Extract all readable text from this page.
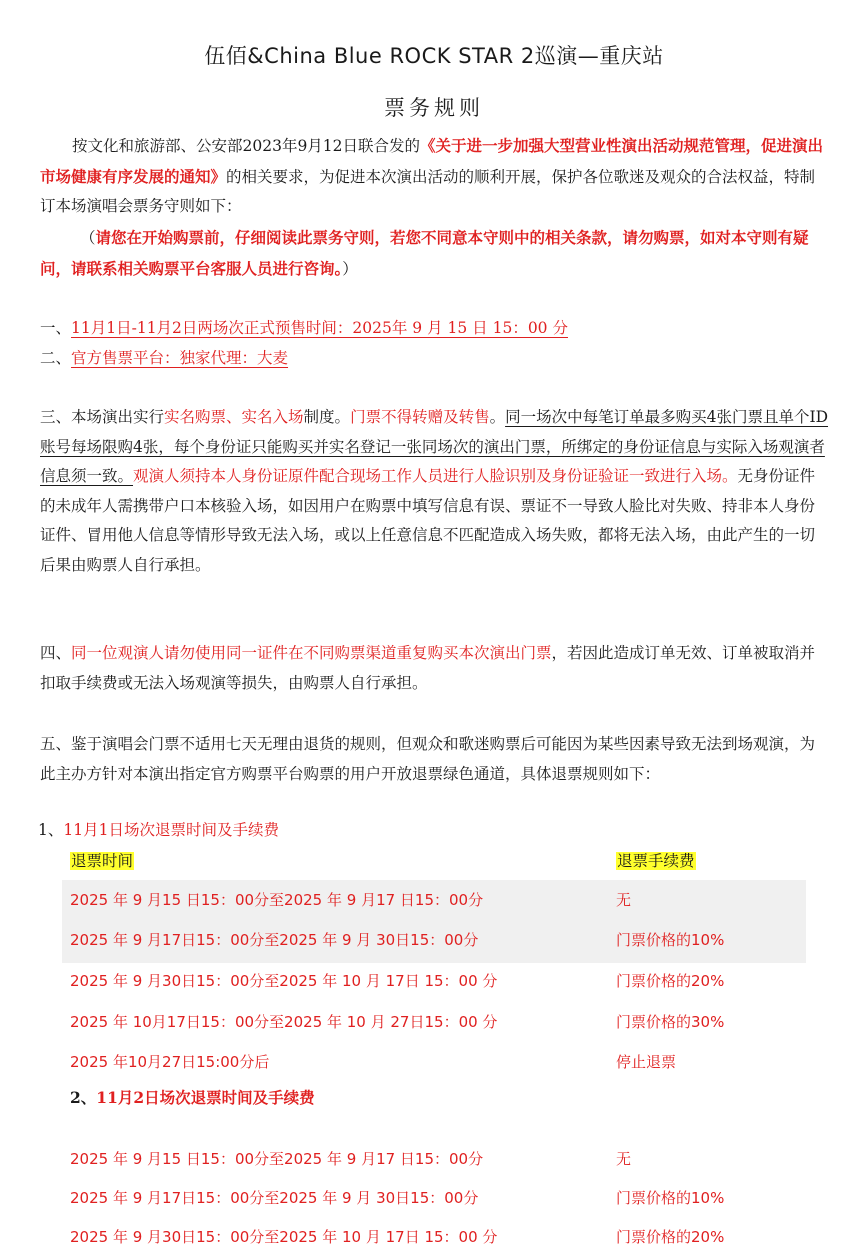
伍佰&China Blue ROCK STAR 2巡演—重庆站
票务规则
按文化和旅游部、公安部2023年9月12日联合发的《关于进一步加强大型营业性演出活动规范管理，促进演出市场健康有序发展的通知》的相关要求，为促进本次演出活动的顺利开展，保护各位歌迷及观众的合法权益，特制订本场演唱会票务守则如下：
（请您在开始购票前，仔细阅读此票务守则，若您不同意本守则中的相关条款，请勿购票，如对本守则有疑问，请联系相关购票平台客服人员进行咨询。）
一、11月1日-11月2日两场次正式预售时间：2025年 9 月 15 日 15：00 分
二、官方售票平台：独家代理：大麦
三、本场演出实行实名购票、实名入场制度。门票不得转赠及转售。同一场次中每笔订单最多购买4张门票且单个ID账号每场限购4张，每个身份证只能购买并实名登记一张同场次的演出门票，所绑定的身份证信息与实际入场观演者信息须一致。观演人须持本人身份证原件配合现场工作人员进行人脸识别及身份证验证一致进行入场。无身份证件的未成年人需携带户口本核验入场，如因用户在购票中填写信息有误、票证不一导致人脸比对失败、持非本人身份证件、冒用他人信息等情形导致无法入场，或以上任意信息不匹配造成入场失败，都将无法入场，由此产生的一切后果由购票人自行承担。
四、同一位观演人请勿使用同一证件在不同购票渠道重复购买本次演出门票，若因此造成订单无效、订单被取消并扣取手续费或无法入场观演等损失，由购票人自行承担。
五、鉴于演唱会门票不适用七天无理由退货的规则，但观众和歌迷购票后可能因为某些因素导致无法到场观演，为此主办方针对本演出指定官方购票平台购票的用户开放退票绿色通道，具体退票规则如下：
1、11月1日场次退票时间及手续费
退票时间	退票手续费
2025 年 9 月15 日15：00分至2025 年 9 月17 日15：00分	无
2025 年 9 月17日15：00分至2025 年 9 月 30日15：00分	门票价格的10%
2025 年 9 月30日15：00分至2025 年 10 月 17日 15：00 分	门票价格的20%
2025 年 10月17日15：00分至2025 年 10 月 27日15：00 分	门票价格的30%
2025 年10月27日15:00分后	停止退票
2、11月2日场次退票时间及手续费
2025 年 9 月15 日15：00分至2025 年 9 月17 日15：00分	无
2025 年 9 月17日15：00分至2025 年 9 月 30日15：00分	门票价格的10%
2025 年 9 月30日15：00分至2025 年 10 月 17日 15：00 分	门票价格的20%
